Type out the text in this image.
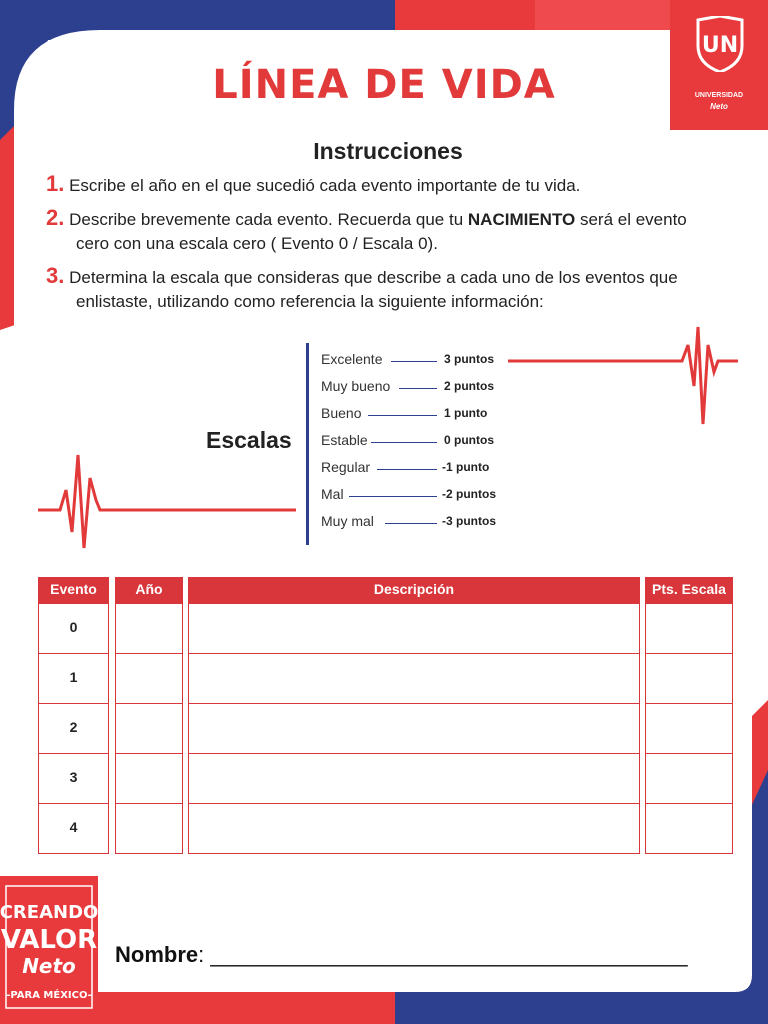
UN
UNIVERSIDAD
Neto
LÍNEA DE VIDA
Instrucciones
1. Escribe el año en el que sucedió cada evento importante de tu vida.
2. Describe brevemente cada evento. Recuerda que tu NACIMIENTO será el evento
cero con una escala cero ( Evento 0 / Escala 0).
3. Determina la escala que consideras que describe a cada uno de los eventos que
enlistaste, utilizando como referencia la siguiente información:
Escalas
Excelente	3 puntos
Muy bueno	2 puntos
Bueno	1 punto
Estable	0 puntos
Regular	-1 punto
Mal	-2 puntos
Muy mal	-3 puntos
Evento	Año	Descripción	Pts. Escala
0
1
2
3
4
CREANDO
VALOR
Neto
-PARA MÉXICO-
Nombre: _______________________________________
